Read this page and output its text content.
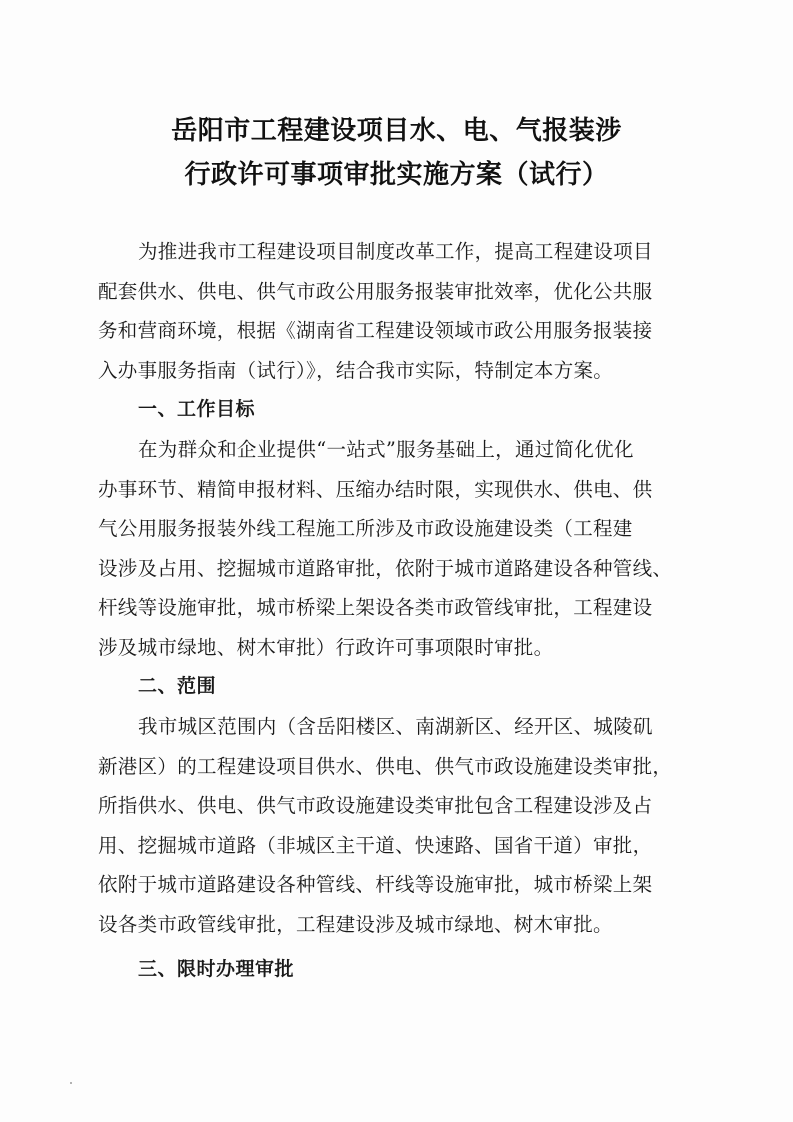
岳阳市工程建设项目水、电、气报装涉
行政许可事项审批实施方案（试行）
为推进我市工程建设项目制度改革工作，提高工程建设项目
配套供水、供电、供气市政公用服务报装审批效率，优化公共服
务和营商环境，根据《湖南省工程建设领域市政公用服务报装接
入办事服务指南（试行）》，结合我市实际，特制定本方案。
一、工作目标
在为群众和企业提供“一站式”服务基础上，通过简化优化
办事环节、精简申报材料、压缩办结时限，实现供水、供电、供
气公用服务报装外线工程施工所涉及市政设施建设类（工程建
设涉及占用、挖掘城市道路审批，依附于城市道路建设各种管线、
杆线等设施审批，城市桥梁上架设各类市政管线审批，工程建设
涉及城市绿地、树木审批）行政许可事项限时审批。
二、范围
我市城区范围内（含岳阳楼区、南湖新区、经开区、城陵矶
新港区）的工程建设项目供水、供电、供气市政设施建设类审批，
所指供水、供电、供气市政设施建设类审批包含工程建设涉及占
用、挖掘城市道路（非城区主干道、快速路、国省干道）审批，
依附于城市道路建设各种管线、杆线等设施审批，城市桥梁上架
设各类市政管线审批，工程建设涉及城市绿地、树木审批。
三、限时办理审批
